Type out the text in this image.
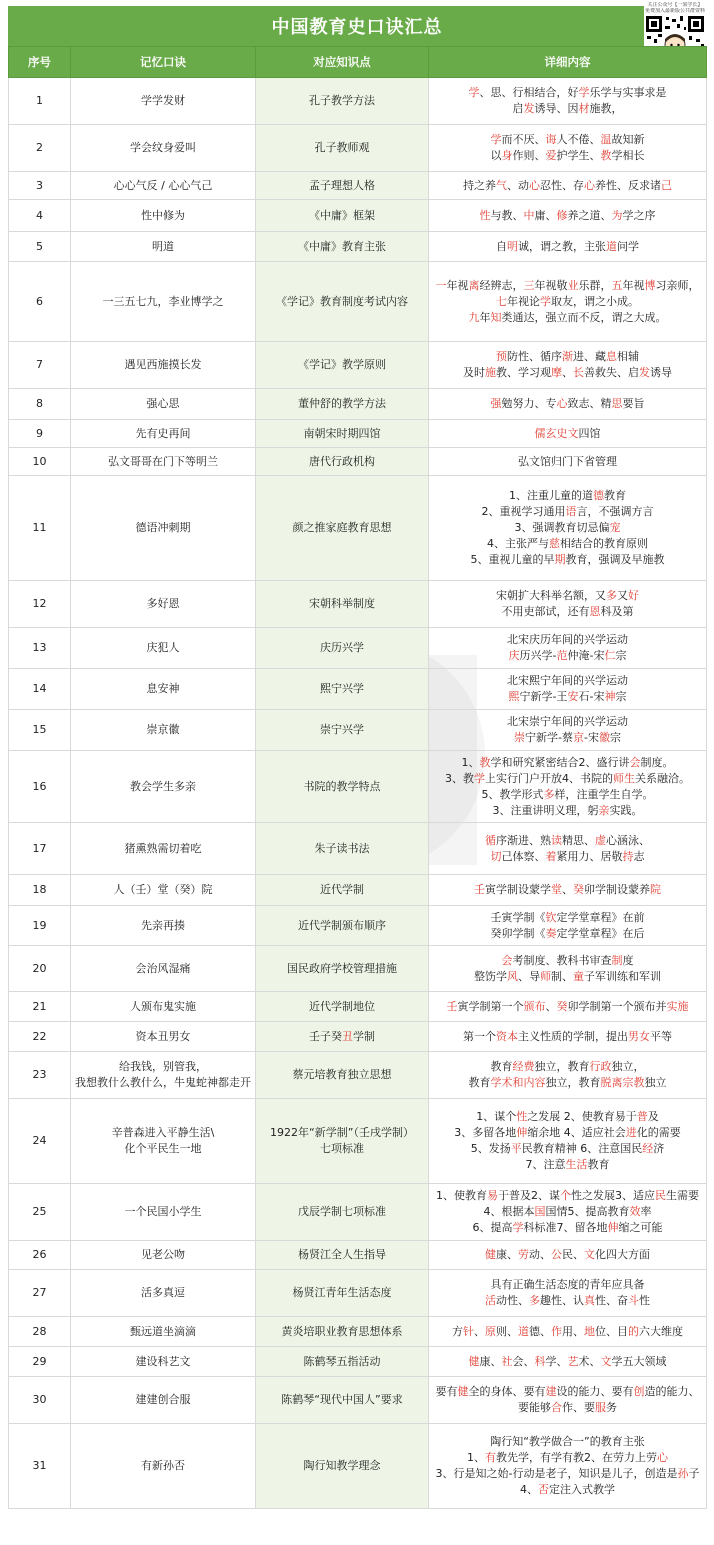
中国教育史口诀汇总
关注公众号【一果学长】
免费加入最新版公共群资料
序号	记忆口诀	对应知识点	详细内容
1	学学发财	孔子教学方法	学、思、行相结合，好学乐学与实事求是
启发诱导、因材施教，
2	学会纹身爱叫	孔子教师观	学而不厌、诲人不倦、温故知新
以身作则、爱护学生、教学相长
3	心心气反 / 心心气己	孟子理想人格	持之养气、动心忍性、存心养性、反求诸己
4	性中修为	《中庸》框架	性与教、中庸、修养之道、为学之序
5	明道	《中庸》教育主张	自明诚，谓之教，主张道问学
6	一三五七九，李业博学之	《学记》教育制度考试内容	一年视离经辨志，三年视敬业乐群，五年视博习亲师，
七年视论学取友，谓之小成。
九年知类通达，强立而不反，谓之大成。
7	遇见西施摸长发	《学记》教学原则	预防性、循序渐进、藏息相辅
及时施教、学习观摩、长善救失、启发诱导
8	强心思	董仲舒的教学方法	强勉努力、专心致志、精思要旨
9	先有史再间	南朝宋时期四馆	儒玄史文四馆
10	弘文哥哥在门下等明兰	唐代行政机构	弘文馆归门下省管理
11	德语冲刺期	颜之推家庭教育思想	1、注重儿童的道德教育
2、重视学习通用语言，不强调方言
3、强调教育切忌偏宠
4、主张严与慈相结合的教育原则
5、重视儿童的早期教育，强调及早施教
12	多好恩	宋朝科举制度	宋朝扩大科举名额，又多又好
不用吏部试，还有恩科及第
13	庆犯人	庆历兴学	北宋庆历年间的兴学运动
庆历兴学-范仲淹-宋仁宗
14	息安神	熙宁兴学	北宋熙宁年间的兴学运动
熙宁新学-王安石-宋神宗
15	崇京徽	崇宁兴学	北宋崇宁年间的兴学运动
崇宁新学-蔡京-宋徽宗
16	教会学生多亲	书院的教学特点	1、教学和研究紧密结合2、盛行讲会制度。
3、教学上实行门户开放4、书院的师生关系融洽。
5、教学形式多样，注重学生自学。
3、注重讲明义理，躬亲实践。
17	猪熏熟需切着吃	朱子读书法	循序渐进、熟读精思、虚心涵泳、
切己体察、着紧用力、居敬持志
18	人（壬）堂（癸）院	近代学制	壬寅学制设蒙学堂、癸卯学制设蒙养院
19	先亲再揍	近代学制颁布顺序	壬寅学制《钦定学堂章程》在前
癸卯学制《奏定学堂章程》在后
20	会治风湿痛	国民政府学校管理措施	会考制度、教科书审查制度
整饬学风、导师制、童子军训练和军训
21	人颁布鬼实施	近代学制地位	壬寅学制第一个颁布、癸卯学制第一个颁布并实施
22	资本丑男女	壬子癸丑学制	第一个资本主义性质的学制，提出男女平等
23	给我钱，别管我，
我想教什么教什么，牛鬼蛇神都走开	蔡元培教育独立思想	教育经费独立，教育行政独立，
教育学术和内容独立，教育脱离宗教独立
24	辛普森进入平静生活\
化个平民生一地	1922年“新学制”（壬戌学制）
七项标准	1、谋个性之发展 2、使教育易于普及
3、多留各地伸缩余地 4、适应社会进化的需要
5、发扬平民教育精神 6、注意国民经济
7、注意生活教育
25	一个民国小学生	戊辰学制七项标准	1、使教育易于普及2、谋个性之发展3、适应民生需要
4、根据本国国情5、提高教育效率
6、提高学科标准7、留各地伸缩之可能
26	见老公吻	杨贤江全人生指导	健康、劳动、公民、文化四大方面
27	活多真逗	杨贤江青年生活态度	具有正确生活态度的青年应具备
活动性、多趣性、认真性、奋斗性
28	甄远道坐滴滴	黄炎培职业教育思想体系	方针、原则、道德、作用、地位、目的六大维度
29	建设科艺文	陈鹤琴五指活动	健康、社会、科学、艺术、文学五大领域
30	建建创合服	陈鹤琴“现代中国人”要求	要有健全的身体、要有建设的能力、要有创造的能力、
要能够合作、要服务
31	有新孙否	陶行知教学理念	陶行知“教学做合一”的教育主张
1、有教先学，有学有教2、在劳力上劳心
3、行是知之始-行动是老子，知识是儿子，创造是孙子
4、否定注入式教学
